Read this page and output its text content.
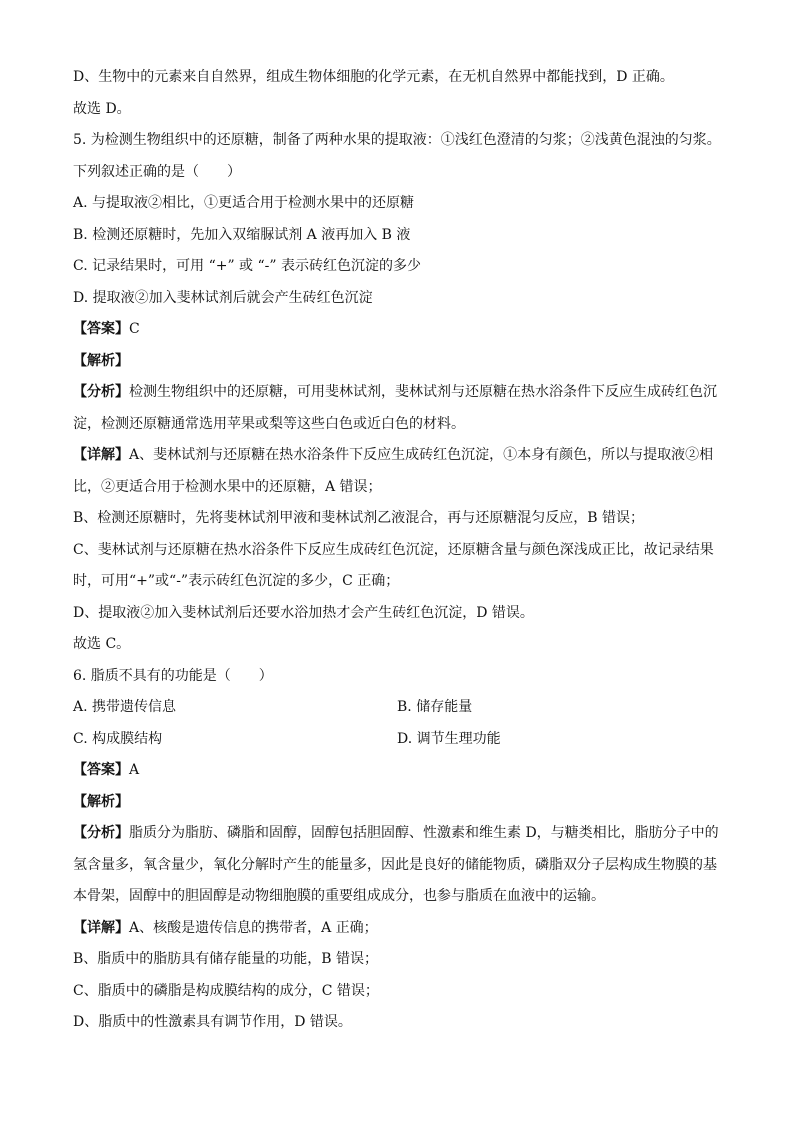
D、生物中的元素来自自然界，组成生物体细胞的化学元素，在无机自然界中都能找到，D 正确。

故选 D。

5. 为检测生物组织中的还原糖，制备了两种水果的提取液：①浅红色澄清的匀浆；②浅黄色混浊的匀浆。

下列叙述正确的是（　　）

A. 与提取液②相比，①更适合用于检测水果中的还原糖

B. 检测还原糖时，先加入双缩脲试剂 A 液再加入 B 液

C. 记录结果时，可用 “+” 或 “-” 表示砖红色沉淀的多少

D. 提取液②加入斐林试剂后就会产生砖红色沉淀

【答案】C

【解析】

【分析】检测生物组织中的还原糖，可用斐林试剂，斐林试剂与还原糖在热水浴条件下反应生成砖红色沉

淀，检测还原糖通常选用苹果或梨等这些白色或近白色的材料。

【详解】A、斐林试剂与还原糖在热水浴条件下反应生成砖红色沉淀，①本身有颜色，所以与提取液②相

比，②更适合用于检测水果中的还原糖，A 错误；

B、检测还原糖时，先将斐林试剂甲液和斐林试剂乙液混合，再与还原糖混匀反应，B 错误；

C、斐林试剂与还原糖在热水浴条件下反应生成砖红色沉淀，还原糖含量与颜色深浅成正比，故记录结果

时，可用“+”或“-”表示砖红色沉淀的多少，C 正确；

D、提取液②加入斐林试剂后还要水浴加热才会产生砖红色沉淀，D 错误。

故选 C。

6. 脂质不具有的功能是（　　）

A. 携带遗传信息	B. 储存能量
C. 构成膜结构	D. 调节生理功能

【答案】A

【解析】

【分析】脂质分为脂肪、磷脂和固醇，固醇包括胆固醇、性激素和维生素 D，与糖类相比，脂肪分子中的

氢含量多，氧含量少，氧化分解时产生的能量多，因此是良好的储能物质，磷脂双分子层构成生物膜的基

本骨架，固醇中的胆固醇是动物细胞膜的重要组成成分，也参与脂质在血液中的运输。

【详解】A、核酸是遗传信息的携带者，A 正确；

B、脂质中的脂肪具有储存能量的功能，B 错误；

C、脂质中的磷脂是构成膜结构的成分，C 错误；

D、脂质中的性激素具有调节作用，D 错误。
